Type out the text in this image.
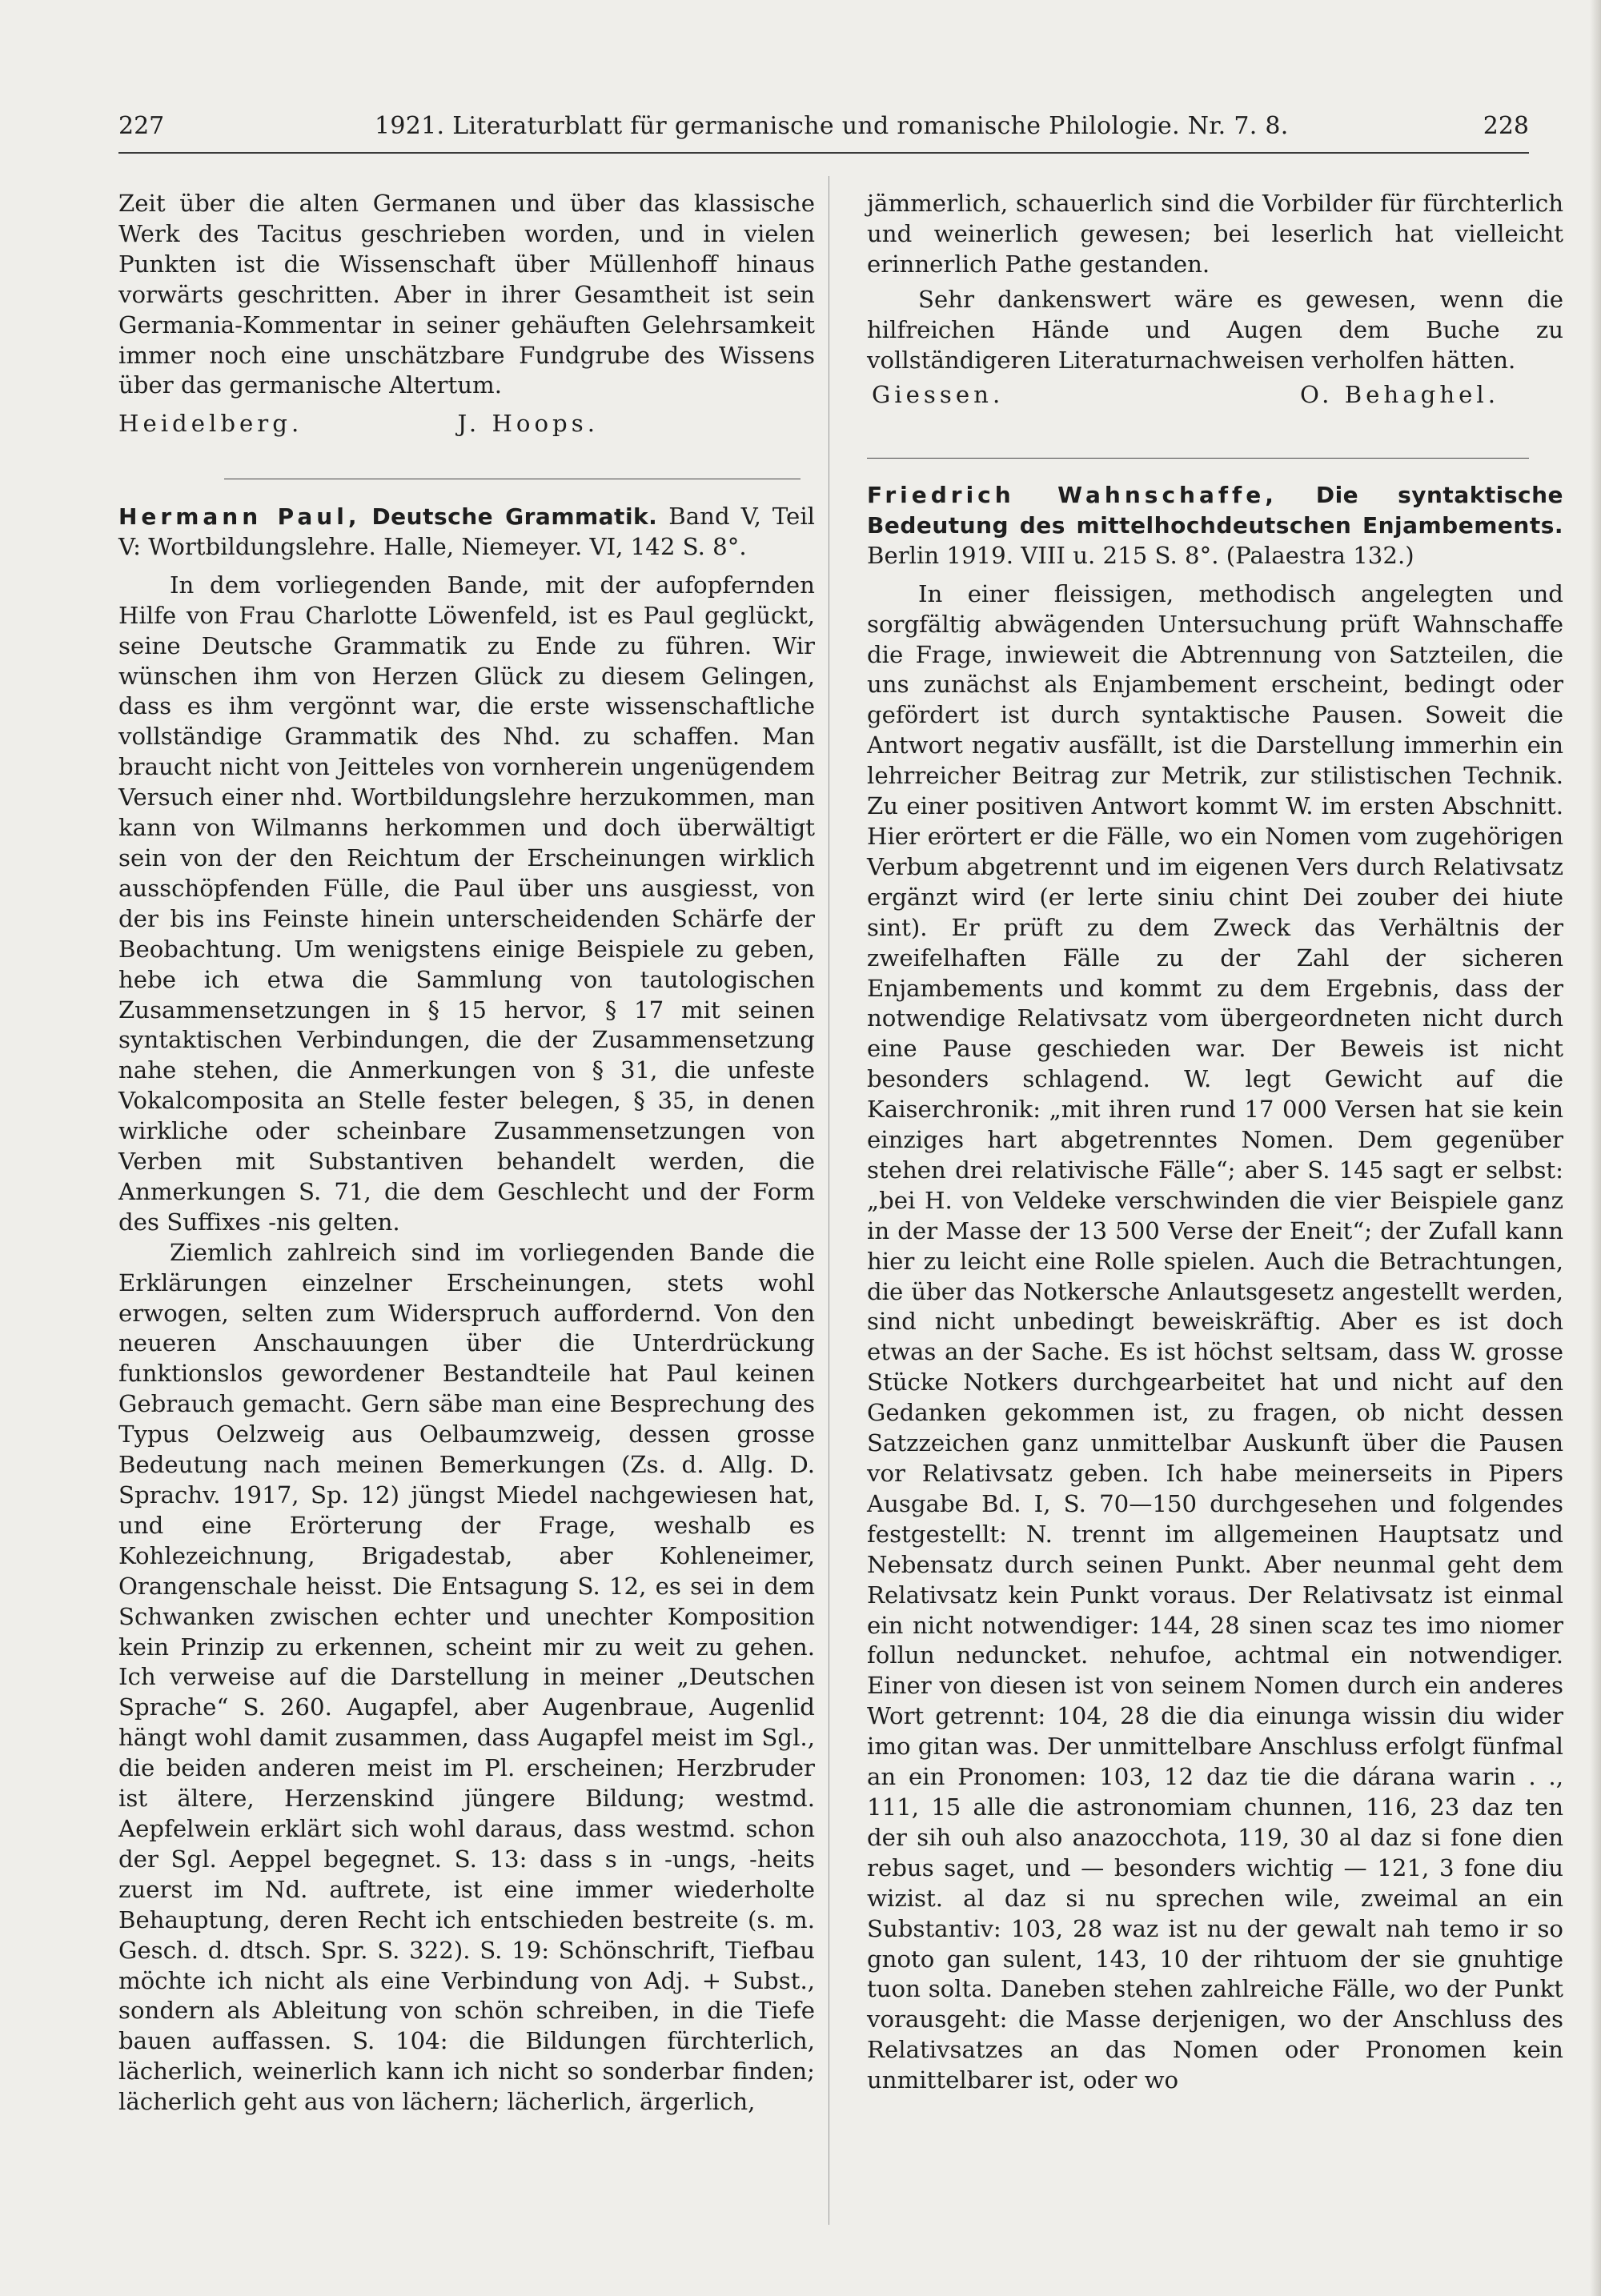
227	1921. Literaturblatt für germanische und romanische Philologie. Nr. 7. 8.	228

Zeit über die alten Germanen und über das klassische Werk des Tacitus geschrieben worden, und in vielen Punkten ist die Wissenschaft über Müllenhoff hinaus vorwärts geschritten. Aber in ihrer Gesamtheit ist sein Germania-Kommentar in seiner gehäuften Gelehrsamkeit immer noch eine unschätzbare Fundgrube des Wissens über das germanische Altertum.

Heidelberg.	J. Hoops.

Hermann Paul, Deutsche Grammatik. Band V, Teil V: Wortbildungslehre. Halle, Niemeyer. VI, 142 S. 8°.

In dem vorliegenden Bande, mit der aufopfernden Hilfe von Frau Charlotte Löwenfeld, ist es Paul geglückt, seine Deutsche Grammatik zu Ende zu führen. Wir wünschen ihm von Herzen Glück zu diesem Gelingen, dass es ihm vergönnt war, die erste wissenschaftliche vollständige Grammatik des Nhd. zu schaffen. Man braucht nicht von Jeitteles von vornherein ungenügendem Versuch einer nhd. Wortbildungslehre herzukommen, man kann von Wilmanns herkommen und doch überwältigt sein von der den Reichtum der Erscheinungen wirklich ausschöpfenden Fülle, die Paul über uns ausgiesst, von der bis ins Feinste hinein unterscheidenden Schärfe der Beobachtung. Um wenigstens einige Beispiele zu geben, hebe ich etwa die Sammlung von tautologischen Zusammensetzungen in § 15 hervor, § 17 mit seinen syntaktischen Verbindungen, die der Zusammensetzung nahe stehen, die Anmerkungen von § 31, die unfeste Vokalcomposita an Stelle fester belegen, § 35, in denen wirkliche oder scheinbare Zusammensetzungen von Verben mit Substantiven behandelt werden, die Anmerkungen S. 71, die dem Geschlecht und der Form des Suffixes -nis gelten.

Ziemlich zahlreich sind im vorliegenden Bande die Erklärungen einzelner Erscheinungen, stets wohl erwogen, selten zum Widerspruch auffordernd. Von den neueren Anschauungen über die Unterdrückung funktionslos gewordener Bestandteile hat Paul keinen Gebrauch gemacht. Gern säbe man eine Besprechung des Typus Oelzweig aus Oelbaumzweig, dessen grosse Bedeutung nach meinen Bemerkungen (Zs. d. Allg. D. Sprachv. 1917, Sp. 12) jüngst Miedel nachgewiesen hat, und eine Erörterung der Frage, weshalb es Kohlezeichnung, Brigadestab, aber Kohleneimer, Orangenschale heisst. Die Entsagung S. 12, es sei in dem Schwanken zwischen echter und unechter Komposition kein Prinzip zu erkennen, scheint mir zu weit zu gehen. Ich verweise auf die Darstellung in meiner „Deutschen Sprache“ S. 260. Augapfel, aber Augenbraue, Augenlid hängt wohl damit zusammen, dass Augapfel meist im Sgl., die beiden anderen meist im Pl. erscheinen; Herzbruder ist ältere, Herzenskind jüngere Bildung; westmd. Aepfelwein erklärt sich wohl daraus, dass westmd. schon der Sgl. Aeppel begegnet. S. 13: dass s in -ungs, -heits zuerst im Nd. auftrete, ist eine immer wiederholte Behauptung, deren Recht ich entschieden bestreite (s. m. Gesch. d. dtsch. Spr. S. 322). S. 19: Schönschrift, Tiefbau möchte ich nicht als eine Verbindung von Adj. + Subst., sondern als Ableitung von schön schreiben, in die Tiefe bauen auffassen. S. 104: die Bildungen fürchterlich, lächerlich, weinerlich kann ich nicht so sonderbar finden; lächerlich geht aus von lächern; lächerlich, ärgerlich,

jämmerlich, schauerlich sind die Vorbilder für fürchterlich und weinerlich gewesen; bei leserlich hat vielleicht erinnerlich Pathe gestanden.

Sehr dankenswert wäre es gewesen, wenn die hilfreichen Hände und Augen dem Buche zu vollständigeren Literaturnachweisen verholfen hätten.

Giessen.	O. Behaghel.

Friedrich Wahnschaffe, Die syntaktische Bedeutung des mittelhochdeutschen Enjambements. Berlin 1919. VIII u. 215 S. 8°. (Palaestra 132.)

In einer fleissigen, methodisch angelegten und sorgfältig abwägenden Untersuchung prüft Wahnschaffe die Frage, inwieweit die Abtrennung von Satzteilen, die uns zunächst als Enjambement erscheint, bedingt oder gefördert ist durch syntaktische Pausen. Soweit die Antwort negativ ausfällt, ist die Darstellung immerhin ein lehrreicher Beitrag zur Metrik, zur stilistischen Technik. Zu einer positiven Antwort kommt W. im ersten Abschnitt. Hier erörtert er die Fälle, wo ein Nomen vom zugehörigen Verbum abgetrennt und im eigenen Vers durch Relativsatz ergänzt wird (er lerte siniu chint Dei zouber dei hiute sint). Er prüft zu dem Zweck das Verhältnis der zweifelhaften Fälle zu der Zahl der sicheren Enjambements und kommt zu dem Ergebnis, dass der notwendige Relativsatz vom übergeordneten nicht durch eine Pause geschieden war. Der Beweis ist nicht besonders schlagend. W. legt Gewicht auf die Kaiserchronik: „mit ihren rund 17 000 Versen hat sie kein einziges hart abgetrenntes Nomen. Dem gegenüber stehen drei relativische Fälle“; aber S. 145 sagt er selbst: „bei H. von Veldeke verschwinden die vier Beispiele ganz in der Masse der 13 500 Verse der Eneit“; der Zufall kann hier zu leicht eine Rolle spielen. Auch die Betrachtungen, die über das Notkersche Anlautsgesetz angestellt werden, sind nicht unbedingt beweiskräftig. Aber es ist doch etwas an der Sache. Es ist höchst seltsam, dass W. grosse Stücke Notkers durchgearbeitet hat und nicht auf den Gedanken gekommen ist, zu fragen, ob nicht dessen Satzzeichen ganz unmittelbar Auskunft über die Pausen vor Relativsatz geben. Ich habe meinerseits in Pipers Ausgabe Bd. I, S. 70—150 durchgesehen und folgendes festgestellt: N. trennt im allgemeinen Hauptsatz und Nebensatz durch seinen Punkt. Aber neunmal geht dem Relativsatz kein Punkt voraus. Der Relativsatz ist einmal ein nicht notwendiger: 144, 28 sinen scaz tes imo niomer follun neduncket. nehufoe, achtmal ein notwendiger. Einer von diesen ist von seinem Nomen durch ein anderes Wort getrennt: 104, 28 die dia einunga wissin diu wider imo gitan was. Der unmittelbare Anschluss erfolgt fünfmal an ein Pronomen: 103, 12 daz tie die dárana warin . ., 111, 15 alle die astronomiam chunnen, 116, 23 daz ten der sih ouh also anazocchota, 119, 30 al daz si fone dien rebus saget, und — besonders wichtig — 121, 3 fone diu wizist. al daz si nu sprechen wile, zweimal an ein Substantiv: 103, 28 waz ist nu der gewalt nah temo ir so gnoto gan sulent, 143, 10 der rihtuom der sie gnuhtige tuon solta. Daneben stehen zahlreiche Fälle, wo der Punkt vorausgeht: die Masse derjenigen, wo der Anschluss des Relativsatzes an das Nomen oder Pronomen kein unmittelbarer ist, oder wo
